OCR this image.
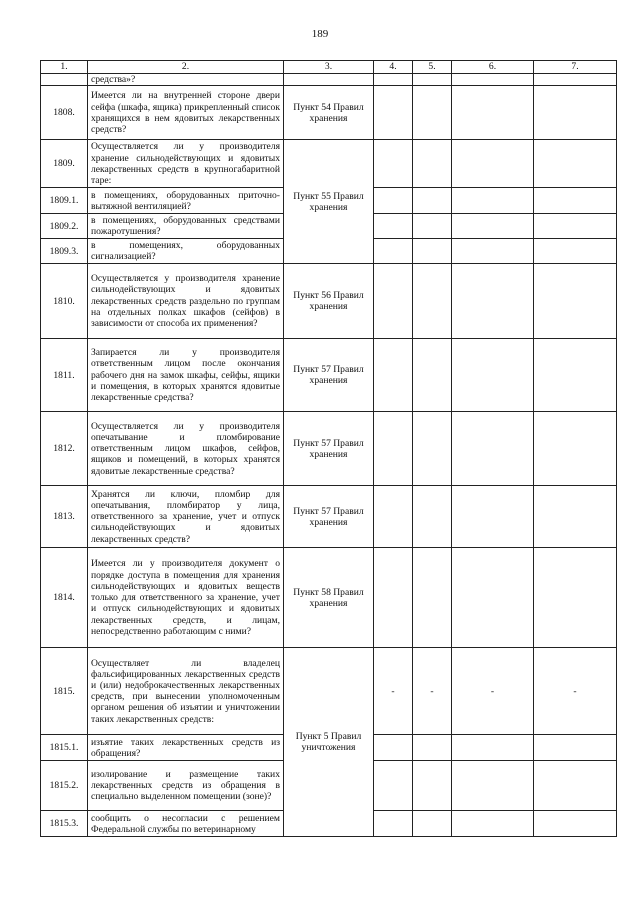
189
1.	2.	3.	4.	5.	6.	7.
	средства»?					
1808.	Имеется ли на внутренней стороне двери сейфа (шкафа, ящика) прикрепленный список хранящихся в нем ядовитых лекарственных средств?	Пункт 54 Правил хранения				
1809.	Осуществляется ли у производителя хранение сильнодействующих и ядовитых лекарственных средств в крупногабаритной таре:	Пункт 55 Правил хранения				
1809.1.	в помещениях, оборудованных приточно-вытяжной вентиляцией?					
1809.2.	в помещениях, оборудованных средствами пожаротушения?					
1809.3.	в помещениях, оборудованных сигнализацией?					
1810.	Осуществляется у производителя хранение сильнодействующих и ядовитых лекарственных средств раздельно по группам на отдельных полках шкафов (сейфов) в зависимости от способа их применения?	Пункт 56 Правил хранения				
1811.	Запирается ли у производителя ответственным лицом после окончания рабочего дня на замок шкафы, сейфы, ящики и помещения, в которых хранятся ядовитые лекарственные средства?	Пункт 57 Правил хранения				
1812.	Осуществляется ли у производителя опечатывание и пломбирование ответственным лицом шкафов, сейфов, ящиков и помещений, в которых хранятся ядовитые лекарственные средства?	Пункт 57 Правил хранения				
1813.	Хранятся ли ключи, пломбир для опечатывания, пломбиратор у лица, ответственного за хранение, учет и отпуск сильнодействующих и ядовитых лекарственных средств?	Пункт 57 Правил хранения				
1814.	Имеется ли у производителя документ о порядке доступа в помещения для хранения сильнодействующих и ядовитых веществ только для ответственного за хранение, учет и отпуск сильнодействующих и ядовитых лекарственных средств, и лицам, непосредственно работающим с ними?	Пункт 58 Правил хранения				
1815.	Осуществляет ли владелец фальсифицированных лекарственных средств и (или) недоброкачественных лекарственных средств, при вынесении уполномоченным органом решения об изъятии и уничтожении таких лекарственных средств:	Пункт 5 Правил уничтожения	-	-	-	-
1815.1.	изъятие таких лекарственных средств из обращения?					
1815.2.	изолирование и размещение таких лекарственных средств из обращения в специально выделенном помещении (зоне)?					
1815.3.	сообщить о несогласии с решением Федеральной службы по ветеринарному					
